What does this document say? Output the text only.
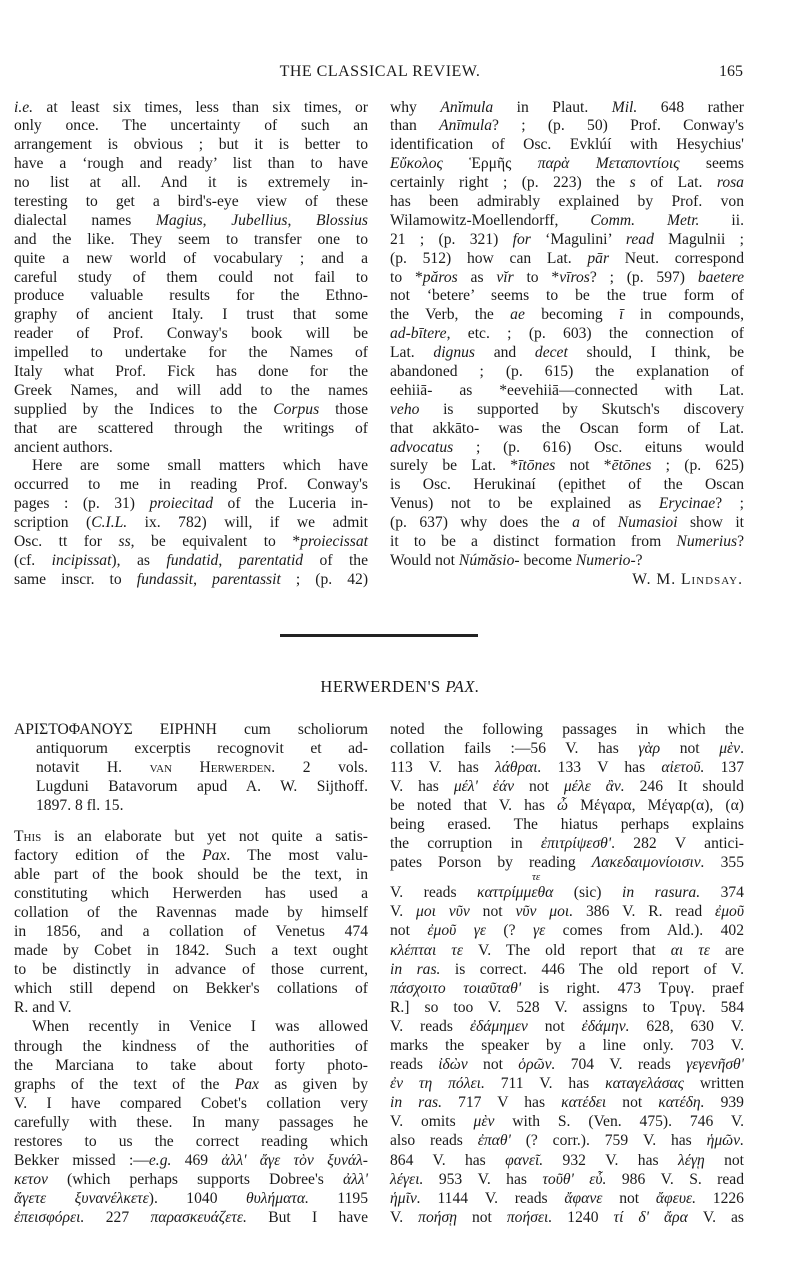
THE CLASSICAL REVIEW.	165
i.e. at least six times, less than six times, or
only once. The uncertainty of such an
arrangement is obvious ; but it is better to
have a ‘rough and ready’ list than to have
no list at all. And it is extremely in-
teresting to get a bird's-eye view of these
dialectal names Magius, Jubellius, Blossius
and the like. They seem to transfer one to
quite a new world of vocabulary ; and a
careful study of them could not fail to
produce valuable results for the Ethno-
graphy of ancient Italy. I trust that some
reader of Prof. Conway's book will be
impelled to undertake for the Names of
Italy what Prof. Fick has done for the
Greek Names, and will add to the names
supplied by the Indices to the Corpus those
that are scattered through the writings of
ancient authors.
Here are some small matters which have
occurred to me in reading Prof. Conway's
pages : (p. 31) proiecitad of the Luceria in-
scription (C.I.L. ix. 782) will, if we admit
Osc. tt for ss, be equivalent to *proiecissat
(cf. incipissat), as fundatid, parentatid of the
same inscr. to fundassit, parentassit ; (p. 42)
why Anĭmula in Plaut. Mil. 648 rather
than Anīmula? ; (p. 50) Prof. Conway's
identification of Osc. Evklúí with Hesychius'
Εὔκολος Ἑρμῆς παρὰ Μεταποντίοις seems
certainly right ; (p. 223) the s of Lat. rosa
has been admirably explained by Prof. von
Wilamowitz-Moellendorff, Comm. Metr. ii.
21 ; (p. 321) for ‘Magulini’ read Magulnii ;
(p. 512) how can Lat. pār Neut. correspond
to *păros as vĭr to *vīros? ; (p. 597) baetere
not ‘betere’ seems to be the true form of
the Verb, the ae becoming ī in compounds,
ad-bītere, etc. ; (p. 603) the connection of
Lat. dignus and decet should, I think, be
abandoned ; (p. 615) the explanation of
eehiiā- as *eevehiiā—connected with Lat.
veho is supported by Skutsch's discovery
that akkāto- was the Oscan form of Lat.
advocatus ; (p. 616) Osc. eituns would
surely be Lat. *ītōnes not *ētōnes ; (p. 625)
is Osc. Herukinaí (epithet of the Oscan
Venus) not to be explained as Erycinae? ;
(p. 637) why does the a of Numasioi show it
it to be a distinct formation from Numerius?
Would not Númăsio- become Numerio-?
W. M. Lindsay.
HERWERDEN'S PAX.
ΑΡΙΣΤΟΦΑΝΟΥΣ ΕΙΡΗΝΗ cum scholiorum
antiquorum excerptis recognovit et ad-
notavit H. van Herwerden. 2 vols.
Lugduni Batavorum apud A. W. Sijthoff.
1897. 8 fl. 15.
This is an elaborate but yet not quite a satis-
factory edition of the Pax. The most valu-
able part of the book should be the text, in
constituting which Herwerden has used a
collation of the Ravennas made by himself
in 1856, and a collation of Venetus 474
made by Cobet in 1842. Such a text ought
to be distinctly in advance of those current,
which still depend on Bekker's collations of
R. and V.
When recently in Venice I was allowed
through the kindness of the authorities of
the Marciana to take about forty photo-
graphs of the text of the Pax as given by
V. I have compared Cobet's collation very
carefully with these. In many passages he
restores to us the correct reading which
Bekker missed :—e.g. 469 ἀλλ' ἄγε τὸν ξυνάλ-
κετον (which perhaps supports Dobree's ἀλλ'
ἄγετε ξυνανέλκετε). 1040 θυλήματα. 1195
ἐπεισφόρει. 227 παρασκευάζετε. But I have
noted the following passages in which the
collation fails :—56 V. has γὰρ not μὲν.
113 V. has λάθραι. 133 V has αἰετοῦ. 137
V. has μέλ' ἐάν not μέλε ἂν. 246 It should
be noted that V. has ὦ Μέγαρα, Μέγαρ(α), (α)
being erased. The hiatus perhaps explains
the corruption in ἐπιτρίψεσθ'. 282 V antici-
pates Porson by reading Λακεδαιμονίοισιν. 355
τε
V. reads καττρίμμεθα (sic) in rasura. 374
V. μοι νῦν not νῦν μοι. 386 V. R. read ἐμοῦ
not ἐμοῦ γε (? γε comes from Ald.). 402
κλέπται τε V. The old report that αι τε are
in ras. is correct. 446 The old report of V.
πάσχοιτο τοιαῦταθ' is right. 473 Τρυγ. praef
R.] so too V. 528 V. assigns to Τρυγ. 584
V. reads ἐδάμημεν not ἐδάμην. 628, 630 V.
marks the speaker by a line only. 703 V.
reads ἰδὼν not ὁρῶν. 704 V. reads γεγενῆσθ'
ἐν τη πόλει. 711 V. has καταγελάσας written
in ras. 717 V has κατέδει not κατέδη. 939
V. omits μὲν with S. (Ven. 475). 746 V.
also reads ἐπαθ' (? corr.). 759 V. has ἡμῶν.
864 V. has φανεῖ. 932 V. has λέγῃ not
λέγει. 953 V. has τοῦθ' εὖ. 986 V. S. read
ἡμῖν. 1144 V. reads ἄφανε not ἄφευε. 1226
V. ποήσῃ not ποήσει. 1240 τί δ' ἄρα V. as
